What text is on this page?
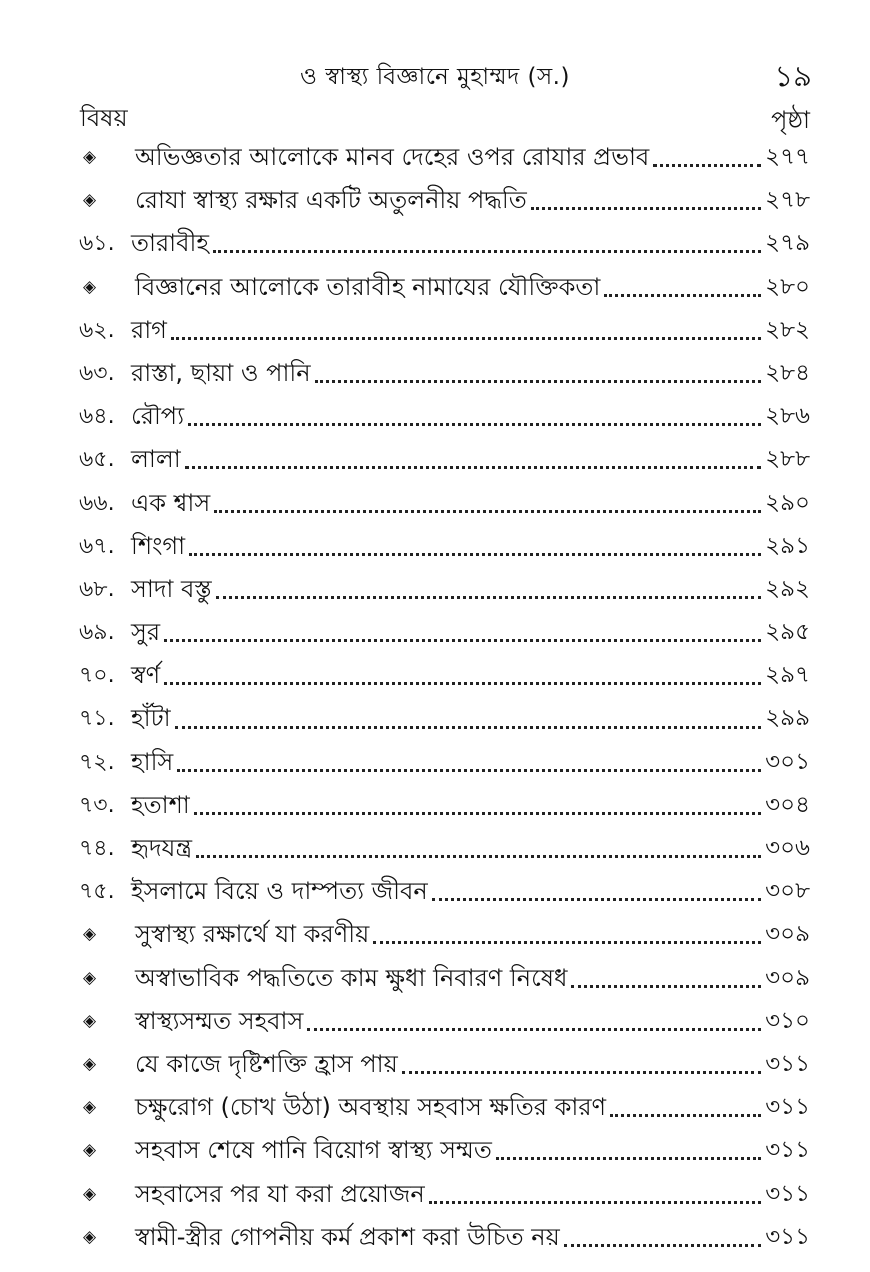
ও স্বাস্থ্য বিজ্ঞানে মুহাম্মদ (স.)	১৯
বিষয়	পৃষ্ঠা
◈	অভিজ্ঞতার আলোকে মানব দেহের ওপর রোযার প্রভাব	২৭৭
◈	রোযা স্বাস্থ্য রক্ষার একটি অতুলনীয় পদ্ধতি	২৭৮
৬১. তারাবীহ	২৭৯
◈	বিজ্ঞানের আলোকে তারাবীহ নামাযের যৌক্তিকতা	২৮০
৬২. রাগ	২৮২
৬৩. রাস্তা, ছায়া ও পানি	২৮৪
৬৪. রৌপ্য	২৮৬
৬৫. লালা	২৮৮
৬৬. এক শ্বাস	২৯০
৬৭. শিংগা	২৯১
৬৮. সাদা বস্তু	২৯২
৬৯. সুর	২৯৫
৭০. স্বর্ণ	২৯৭
৭১. হাঁটা	২৯৯
৭২. হাসি	৩০১
৭৩. হতাশা	৩০৪
৭৪. হৃদযন্ত্র	৩০৬
৭৫. ইসলামে বিয়ে ও দাম্পত্য জীবন	৩০৮
◈	সুস্বাস্থ্য রক্ষার্থে যা করণীয়	৩০৯
◈	অস্বাভাবিক পদ্ধতিতে কাম ক্ষুধা নিবারণ নিষেধ	৩০৯
◈	স্বাস্থ্যসম্মত সহবাস	৩১০
◈	যে কাজে দৃষ্টিশক্তি হ্রাস পায়	৩১১
◈	চক্ষুরোগ (চোখ উঠা) অবস্থায় সহবাস ক্ষতির কারণ	৩১১
◈	সহবাস শেষে পানি বিয়োগ স্বাস্থ্য সম্মত	৩১১
◈	সহবাসের পর যা করা প্রয়োজন	৩১১
◈	স্বামী-স্ত্রীর গোপনীয় কর্ম প্রকাশ করা উচিত নয়	৩১১
